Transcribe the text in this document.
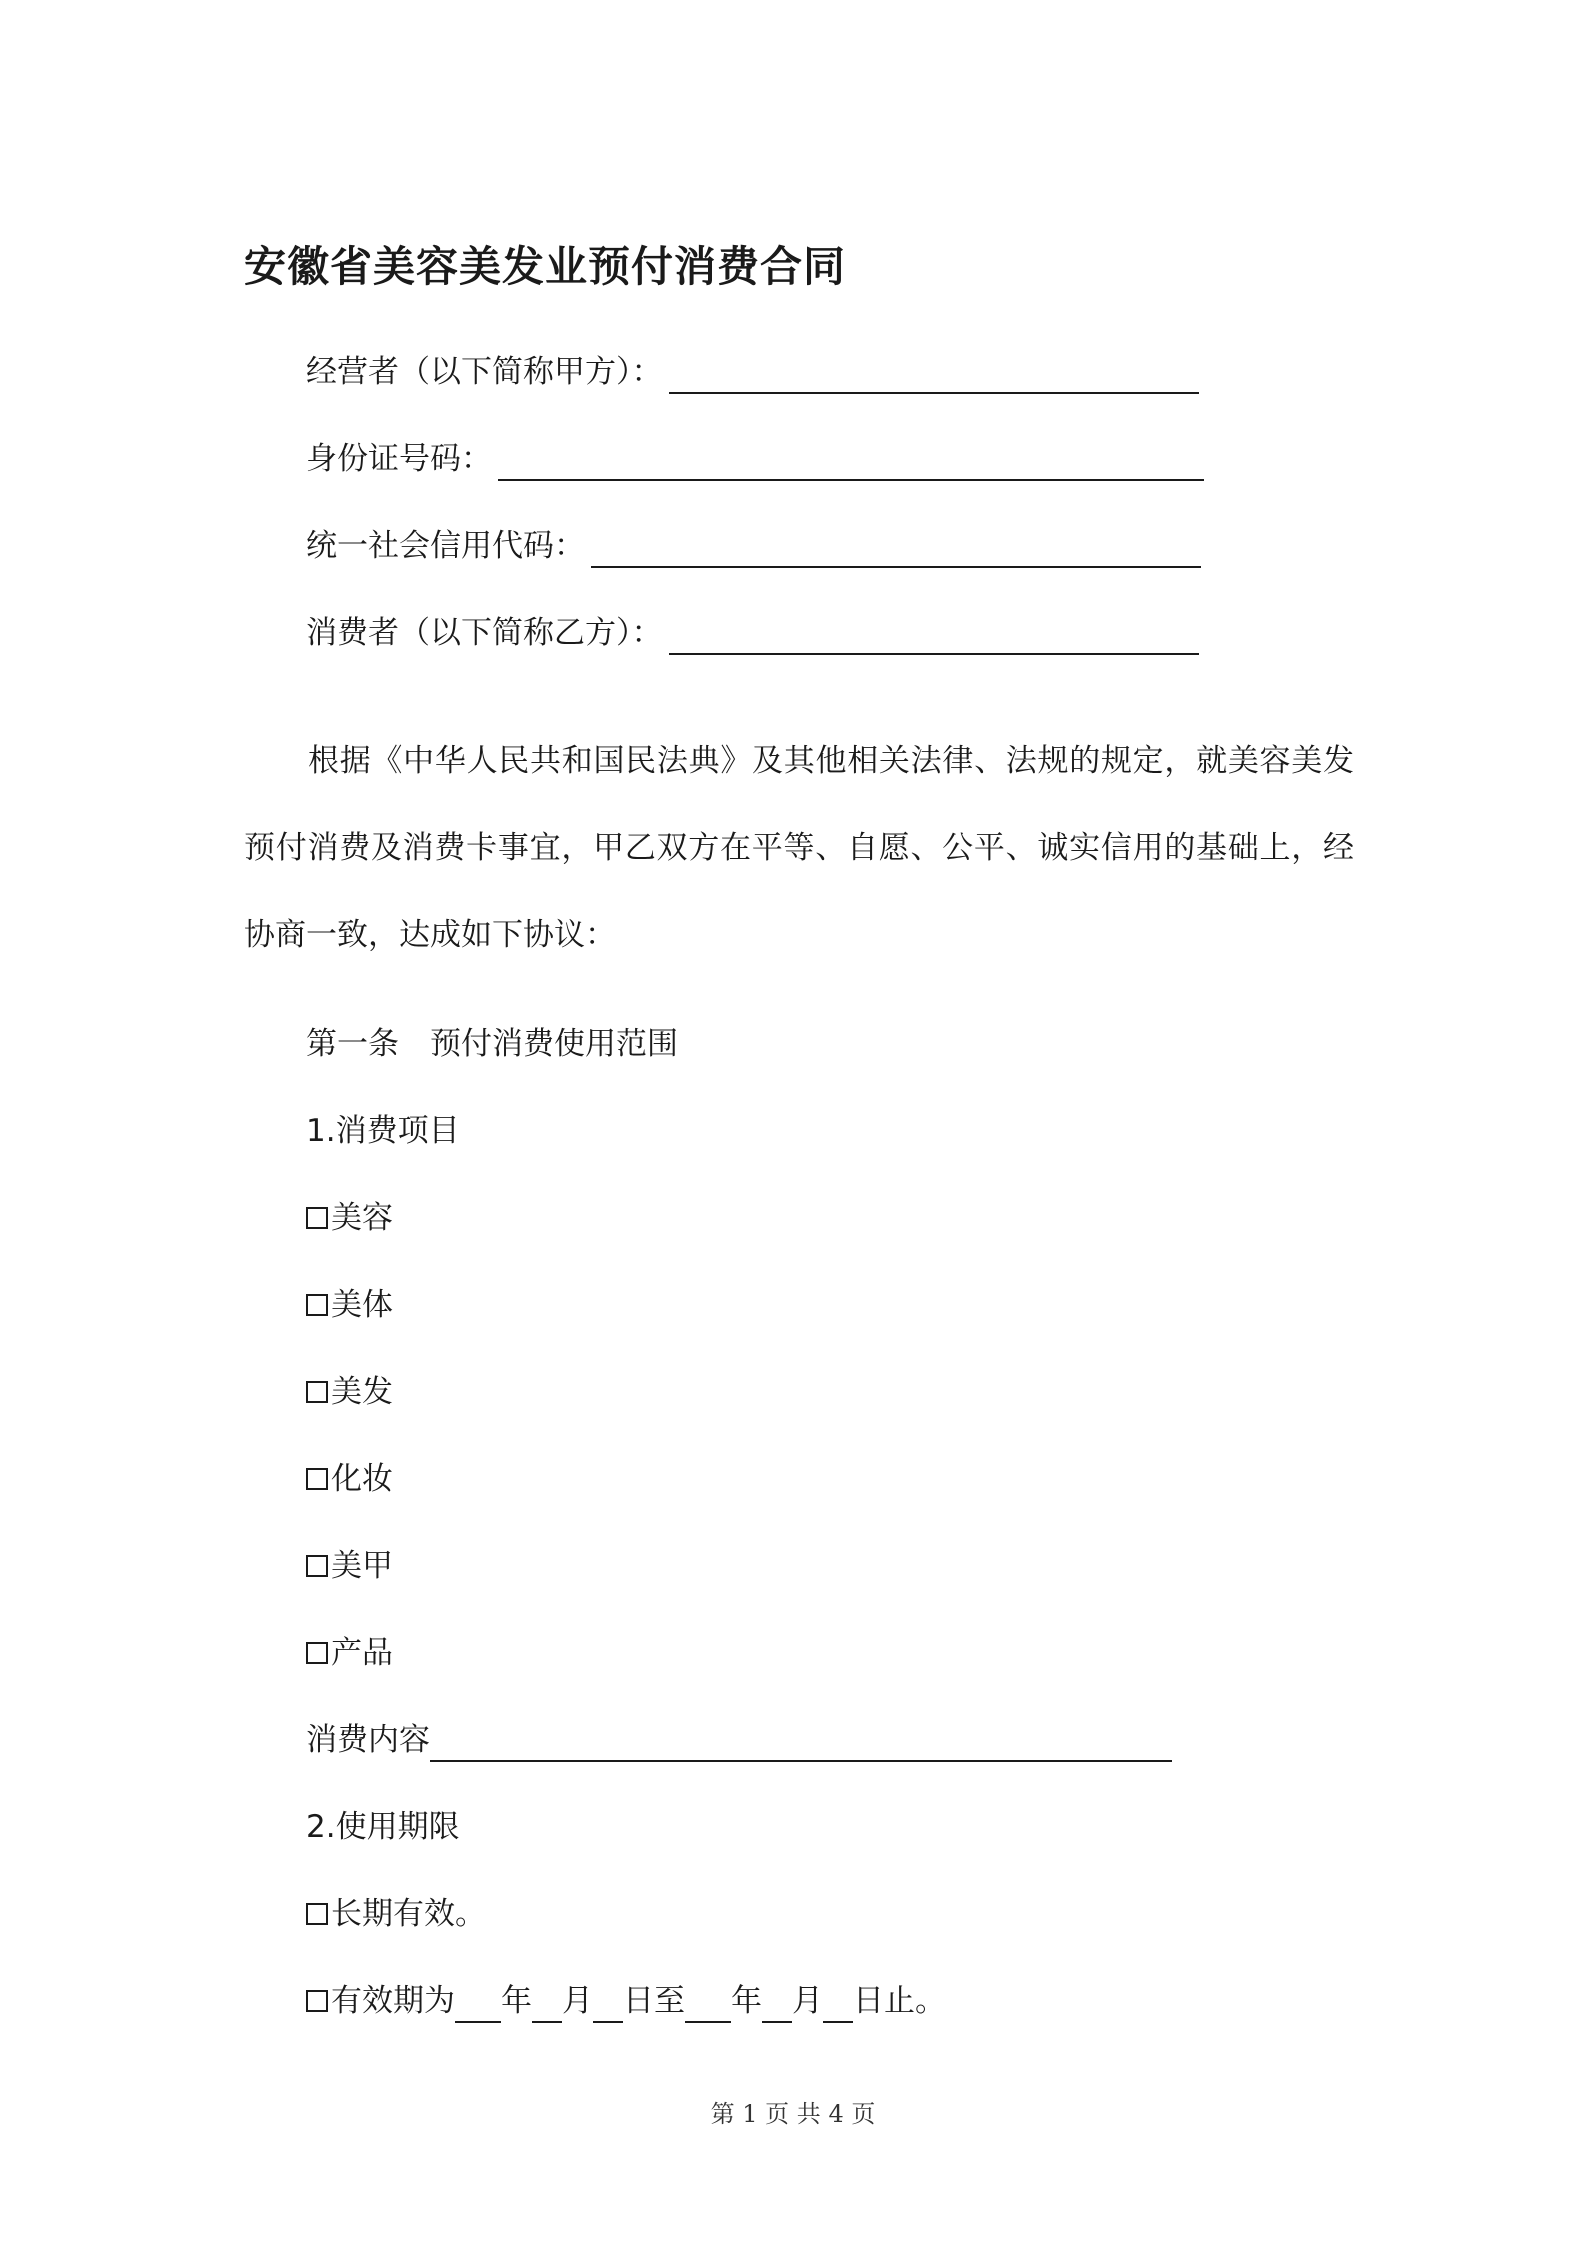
安徽省美容美发业预付消费合同
经营者（以下简称甲方）：
身份证号码：
统一社会信用代码：
消费者（以下简称乙方）：
根据《中华人民共和国民法典》及其他相关法律、法规的规定，就美容美发预付消费及消费卡事宜，甲乙双方在平等、自愿、公平、诚实信用的基础上，经协商一致，达成如下协议：
第一条　预付消费使用范围
1.消费项目
美容
美体
美发
化妆
美甲
产品
消费内容
2.使用期限
长期有效。
有效期为 年 月 日至 年 月 日止。
第 1 页 共 4 页
